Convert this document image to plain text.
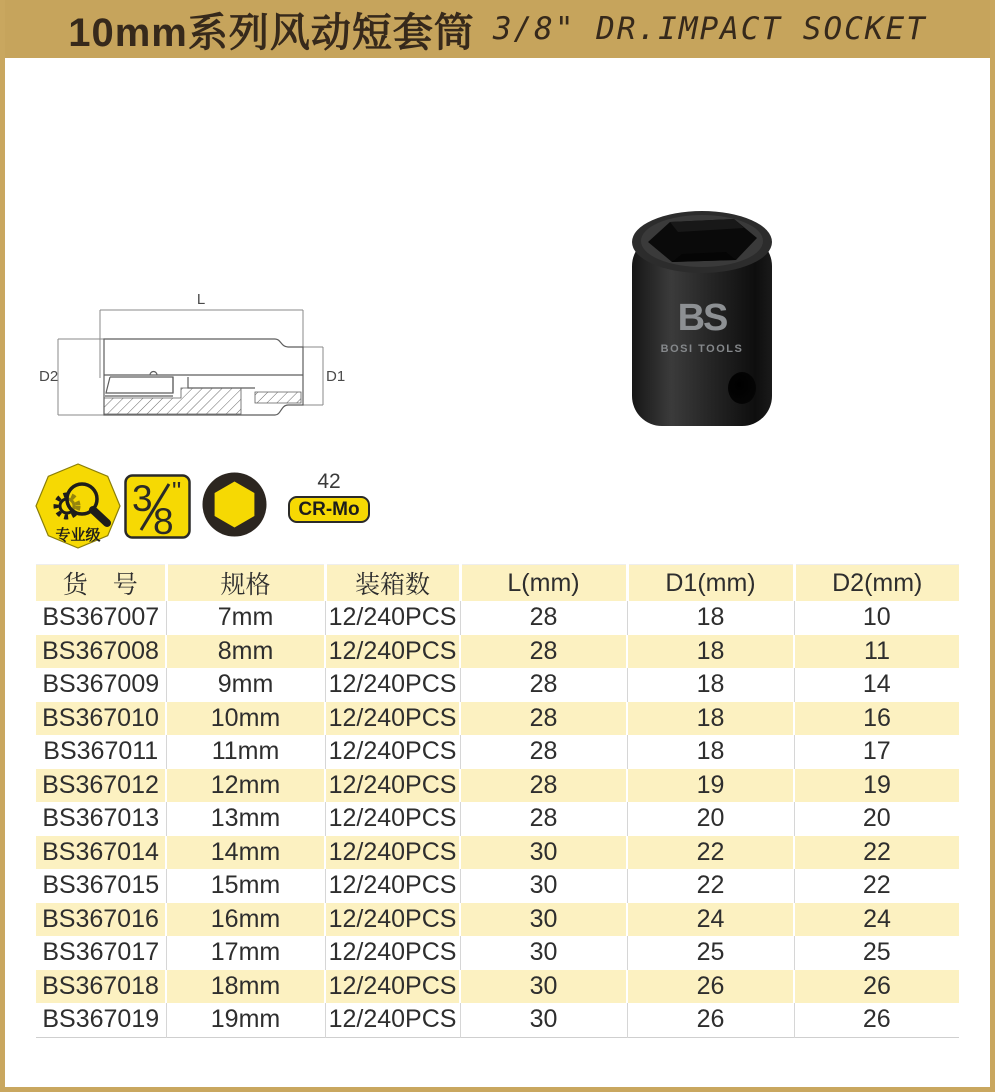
10mm系列风动短套筒 3/8" DR.IMPACT SOCKET
L
D2	D1
BS
BOSI TOOLS
专业级
3
8
"	42
CR-Mo
货　号	规格	装箱数	L(mm)	D1(mm)	D2(mm)
BS367007	7mm	12/240PCS	28	18	10
BS367008	8mm	12/240PCS	28	18	11
BS367009	9mm	12/240PCS	28	18	14
BS367010	10mm	12/240PCS	28	18	16
BS367011	11mm	12/240PCS	28	18	17
BS367012	12mm	12/240PCS	28	19	19
BS367013	13mm	12/240PCS	28	20	20
BS367014	14mm	12/240PCS	30	22	22
BS367015	15mm	12/240PCS	30	22	22
BS367016	16mm	12/240PCS	30	24	24
BS367017	17mm	12/240PCS	30	25	25
BS367018	18mm	12/240PCS	30	26	26
BS367019	19mm	12/240PCS	30	26	26
